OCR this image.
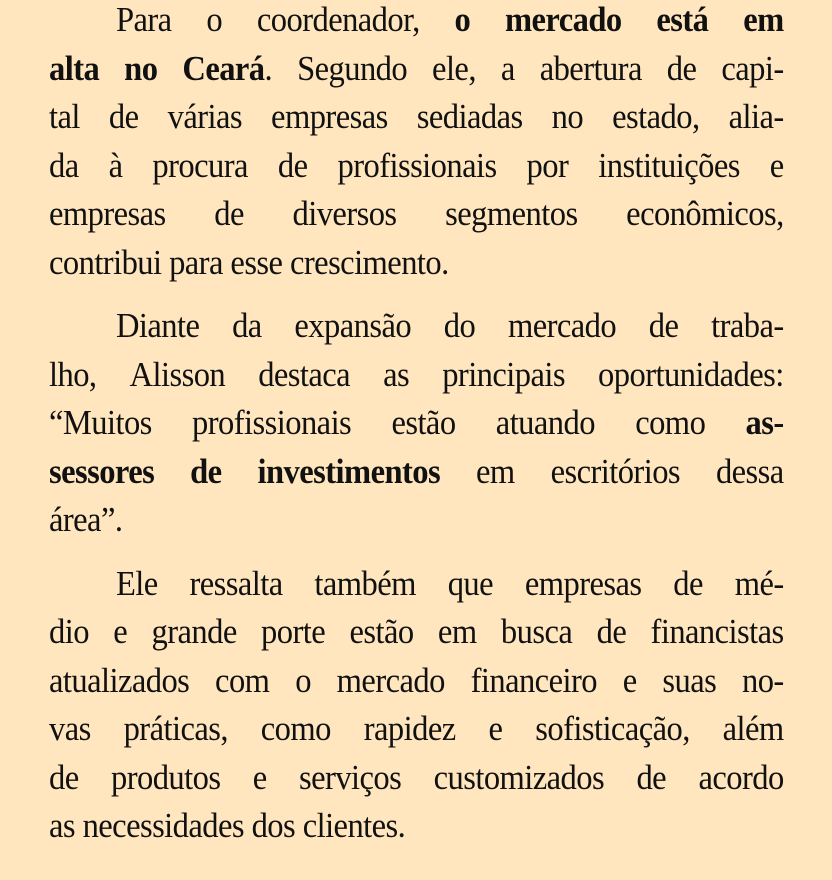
Para o coordenador, o mercado está em
alta no Ceará. Segundo ele, a abertura de capi-
tal de várias empresas sediadas no estado, alia-
da à procura de profissionais por instituições e
empresas de diversos segmentos econômicos,
contribui para esse crescimento.

Diante da expansão do mercado de traba-
lho, Alisson destaca as principais oportunidades:
“Muitos profissionais estão atuando como as-
sessores de investimentos em escritórios dessa
área”.

Ele ressalta também que empresas de mé-
dio e grande porte estão em busca de financistas
atualizados com o mercado financeiro e suas no-
vas práticas, como rapidez e sofisticação, além
de produtos e serviços customizados de acordo
as necessidades dos clientes.
